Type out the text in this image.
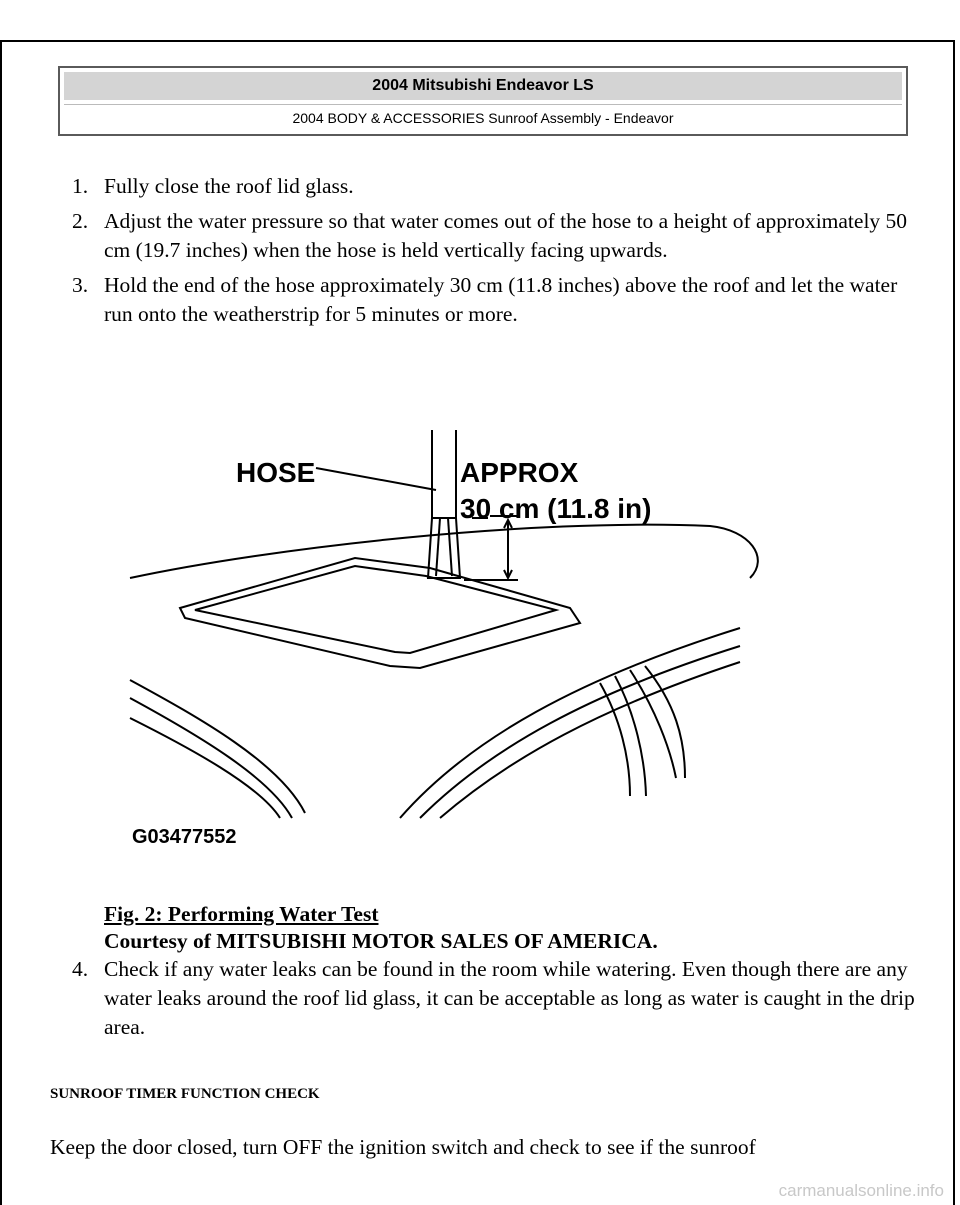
2004 Mitsubishi Endeavor LS
2004 BODY & ACCESSORIES Sunroof Assembly - Endeavor
1. Fully close the roof lid glass.
2. Adjust the water pressure so that water comes out of the hose to a height of approximately 50 cm (19.7 inches) when the hose is held vertically facing upwards.
3. Hold the end of the hose approximately 30 cm (11.8 inches) above the roof and let the water run onto the weatherstrip for 5 minutes or more.
HOSE	APPROX
30 cm (11.8 in)
G03477552
Fig. 2: Performing Water Test
Courtesy of MITSUBISHI MOTOR SALES OF AMERICA.
4. Check if any water leaks can be found in the room while watering. Even though there are any water leaks around the roof lid glass, it can be acceptable as long as water is caught in the drip area.
SUNROOF TIMER FUNCTION CHECK
Keep the door closed, turn OFF the ignition switch and check to see if the sunroof
carmanualsonline.info
